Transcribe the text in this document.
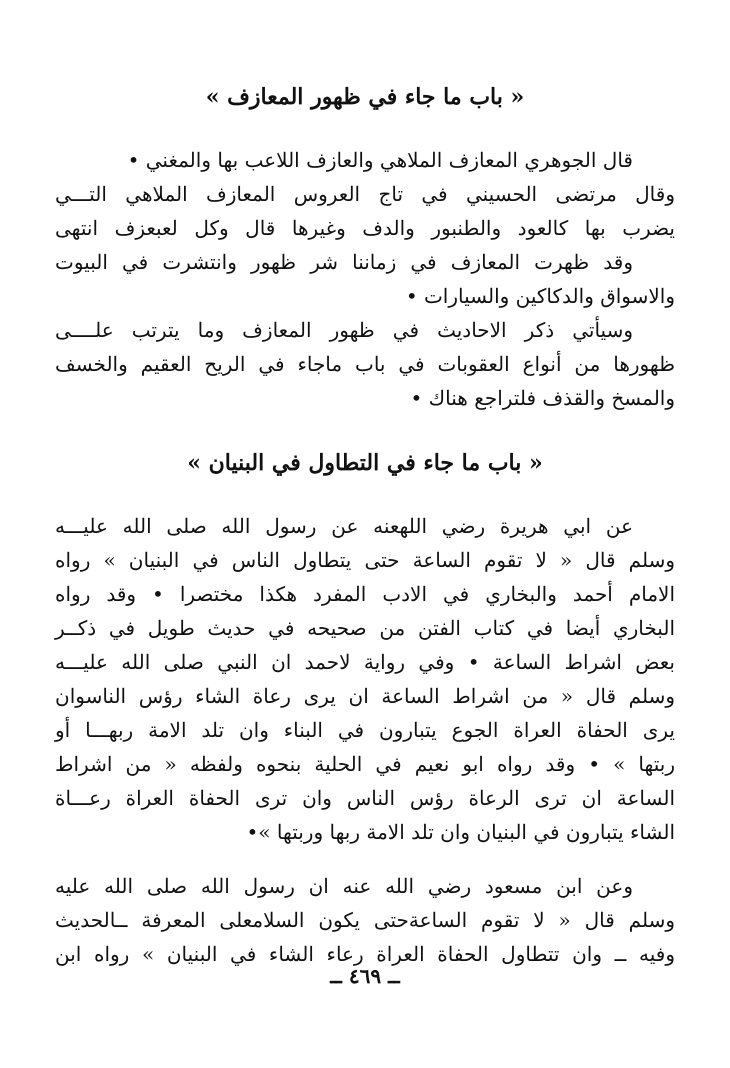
« باب ما جاء في ظهور المعازف »
قال الجوهري المعازف الملاهي والعازف اللاعب بها والمغني •
وقال مرتضى الحسيني في تاج العروس المعازف الملاهي التـــي
يضرب بها كالعود والطنبور والدف وغيرها قال وكل لعبعزف انتهى
وقد ظهرت المعازف في زماننا شر ظهور وانتشرت في البيوت
والاسواق والدكاكين والسيارات •
وسيأتي ذكر الاحاديث في ظهور المعازف وما يترتب علــــى
ظهورها من أنواع العقوبات في باب ماجاء في الريح العقيم والخسف
والمسخ والقذف فلتراجع هناك •
« باب ما جاء في التطاول في البنيان »
عن ابي هريرة رضي اللهعنه عن رسول الله صلى الله عليـــه
وسلم قال « لا تقوم الساعة حتى يتطاول الناس في البنيان » رواه
الامام أحمد والبخاري في الادب المفرد هكذا مختصرا • وقد رواه
البخاري أيضا في كتاب الفتن من صحيحه في حديث طويل في ذكــر
بعض اشراط الساعة • وفي رواية لاحمد ان النبي صلى الله عليـــه
وسلم قال « من اشراط الساعة ان يرى رعاة الشاء رؤس الناسوان
يرى الحفاة العراة الجوع يتبارون في البناء وان تلد الامة ربهـــا أو
ربتها » • وقد رواه ابو نعيم في الحلية بنحوه ولفظه « من اشراط
الساعة ان ترى الرعاة رؤس الناس وان ترى الحفاة العراة رعـــاة
الشاء يتبارون في البنيان وان تلد الامة ربها وربتها »•
وعن ابن مسعود رضي الله عنه ان رسول الله صلى الله عليه
وسلم قال « لا تقوم الساعةحتى يكون السلامعلى المعرفة ــالحديث
وفيه ــ وان تتطاول الحفاة العراة رعاء الشاء في البنيان » رواه ابن
ــ ٤٦٩ ــ
